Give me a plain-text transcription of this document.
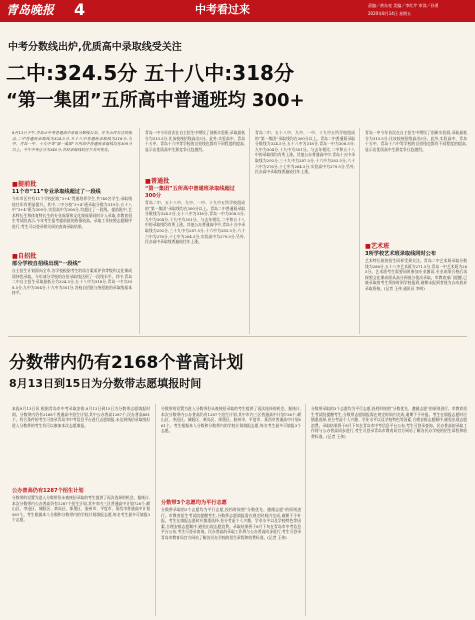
青岛晚报 4	中考看过来	责编／黄东亮 美编／李红芹 审读／孙勇
2020年8月14日 星期五
中考分数线出炉,优质高中录取线受关注
二中:324.5分 五十八中:318分
“第一集团”五所高中普通班均 300+

8月13日下午,青岛市中考普通高中录取分数线公布。作为市民关注的焦点,二中普通班录取线为324.5分,五十八中普通班录取线为318分,九中、青岛一中、十九中等“第一集团”五所高中普通班录取线均在300分以上。今年中考总分为340分,各校录取线较往年有所变化。

■提前批

11个市“11”专业录取线超过了一段线

今年市区共有11个学校招收“3+4”贯通培养学生,共740名学生,录取线较往年有明显提升。其中,二中分校“3+4”班录取分数为319分,五十八中“3+4”班为309分,实验高中为306分,均超过了一段线。提前批中,艺术特长生和体育特长生的专业成绩和文化课成绩同时计入录取,市教育招生考试院表示,今年考生报考提前批的热情较高。录取工作按照志愿顺序进行,考生可以登录相关网站查询录取结果。

■自招批

部分学校自招线出现“一段线”

自主招生计划面向全市,各学校根据考生的综合素质评价等级和文化课成绩择优录取。今年部分学校的自招录取线达到了一段线水平。其中,青岛二中自主招生录取最低分为324.5分,五十八中为318分,青岛一中为308.5分,九中为304分,十九中为301分,各校自招批与统招批的录取线基本持平。

青岛一中今年首次在自主招生中增设了创新实验班,录取最低分为313.5分,比该校统招线高出5分。此外,实验高中、青岛十五中、青岛十六中等学校的自招线也都有不同程度的提高,显示出优质高中生源竞争日趋激烈。

■普通批

“第一集团”五所高中普通班录取线超过300分

青岛二中、五十八中、九中、一中、十九中五所学校组成的“第一集团”录取线均在300分以上。青岛二中普通班录取分数线为324.5分,五十八中为318分,青岛一中为308.5分,九中为304分,十九中为301分。与去年相比,二中和五十八中的录取线均有所上涨。其他公办普通高中中,青岛十五中录取线为292分,三十九中为287.5分,十六中为283.5分,六十六中为276分,十七中为264.5分,实验高中为279.5分,另外,民办高中录取线普遍较往年上涨。

青岛二中、五十八中、九中、一中、十九中五所学校组成的“第一集团”录取线均在300分以上。青岛二中普通班录取分数线为324.5分,五十八中为318分,青岛一中为308.5分,九中为304分,十九中为301分。与去年相比,二中和五十八中的录取线均有所上涨。其他公办普通高中中,青岛十五中录取线为292分,三十九中为287.5分,十六中为283.5分,六十六中为276分,十七中为264.5分,实验高中为279.5分,另外,民办高中录取线普遍较往年上涨。

青岛一中今年首次在自主招生中增设了创新实验班,录取最低分为313.5分,比该校统招线高出5分。此外,实验高中、青岛十五中、青岛十六中等学校的自招线也都有不同程度的提高,显示出优质高中生源竞争日趋激烈。

■艺术班

3所学校艺术班录取线同时公布

艺术特长班的招生同样受到关注。青岛二中艺术班录取分数线为288分,五十八中艺术班为271.5分,青岛一中艺术班为265分。艺术班考生需要同时参加专业测试,专业成绩合格后再按照文化课成绩从高分到低分依次录取。市教育部门提醒,已被录取的考生须按时到学校报到,逾期未报到者视为自动放弃录取资格。(记者 王伟 通讯员 李明)

分数带内仍有2168个普高计划
8月13日到15日为分数带志愿填报时间

本报8月13日讯 根据青岛市中考录取安排,8月13日到15日为分数带志愿填报时间。分数带内仍有2168个普通高中招生计划,其中公办普高1287个,民办普高881个。符合条件的考生可登录青岛市中考信息平台进行志愿填报,未达到统招录取线但进入分数带的考生均可以参加本次志愿填报。

公办普高仍有1287个招生计划

分数带的设置为进入分数带但未被统招录取的考生提供了再次选择的机会。据统计,本次分数带内公办普高仍有1287个招生计划,其中市内三区普通高中计划726个,崂山区、李沧区、城阳区、黄岛区、即墨区、胶州市、平度市、莱西市普通高中计划561个。考生根据本人分数和分数带内的学校计划填报志愿,每名考生最多可填报3个志愿。

分数带的设置为进入分数带但未被统招录取的考生提供了再次选择的机会。据统计,本次分数带内公办普高仍有1287个招生计划,其中市内三区普通高中计划726个,崂山区、李沧区、城阳区、黄岛区、即墨区、胶州市、平度市、莱西市普通高中计划561个。考生根据本人分数和分数带内的学校计划填报志愿,每名考生最多可填报3个志愿。

分数带3个志愿均为平行志愿

分数带录取的3个志愿均为平行志愿,投档时按照“分数优先、遵循志愿”的原则进行。市教育招生考试院提醒考生,分数带志愿填报需在规定时间内完成,逾期不予补报。考生在填报志愿时应慎重选择,充分考虑个人兴趣、学业水平以及学校特色等因素,合理安排志愿顺序,避免出现志愿浪费。录取结果将于8月下旬在青岛市中考信息平台公布,考生可登录查询。民办普高的录取工作将与公办普高同步进行,考生可登录青岛市教育局官方网站了解各民办学校的招生章程和收费标准。(记者 王伟)

分数带录取的3个志愿均为平行志愿,投档时按照“分数优先、遵循志愿”的原则进行。市教育招生考试院提醒考生,分数带志愿填报需在规定时间内完成,逾期不予补报。考生在填报志愿时应慎重选择,充分考虑个人兴趣、学业水平以及学校特色等因素,合理安排志愿顺序,避免出现志愿浪费。录取结果将于8月下旬在青岛市中考信息平台公布,考生可登录查询。民办普高的录取工作将与公办普高同步进行,考生可登录青岛市教育局官方网站了解各民办学校的招生章程和收费标准。(记者 王伟)
